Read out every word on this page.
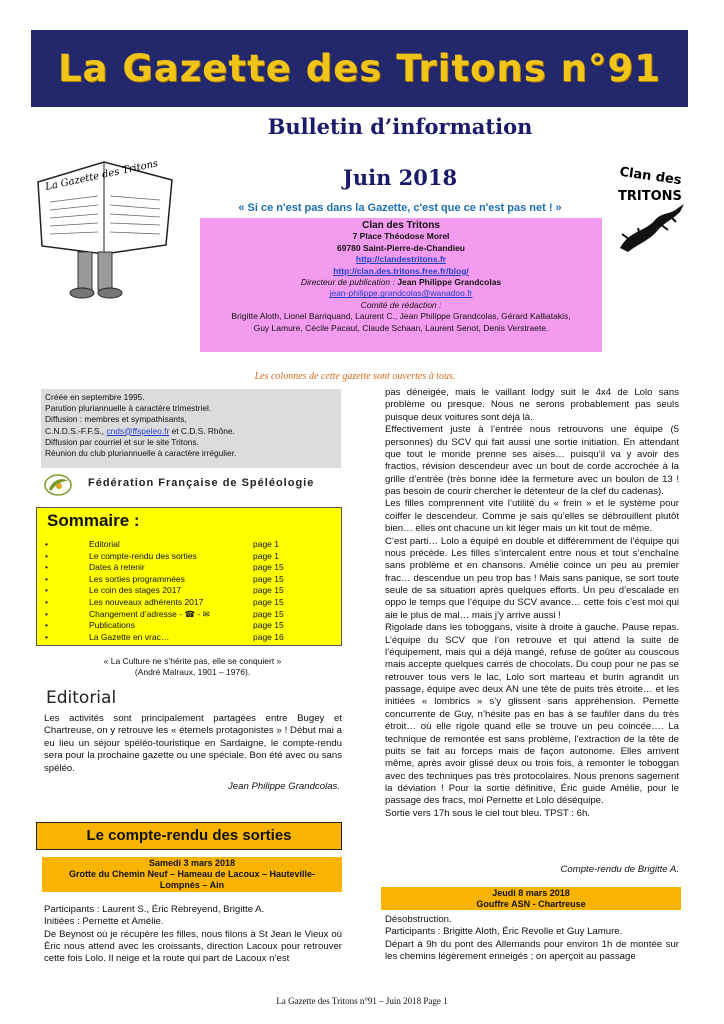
La Gazette des Tritons n°91
Bulletin d’information
Juin 2018
« Si ce n'est pas dans la Gazette, c'est que ce n'est pas net ! »
La Gazette des Tritons	Clan des
TRITONS
Clan des Tritons
7 Place Théodose Morel
69780 Saint-Pierre-de-Chandieu
http://clandestritons.fr
http://clan.des.tritons.free.fr/blog/
Directeur de publication : Jean Philippe Grandcolas
jean-philippe.grandcolas@wanadoo.fr
Comité de rédaction :
Brigitte Aloth, Lionel Barriquand, Laurent C., Jean Philippe Grandcolas, Gérard Kalliatakis,
Guy Lamure, Cécile Pacaut, Claude Schaan, Laurent Senot, Denis Verstraete.
Les colonnes de cette gazette sont ouvertes à tous.
Créée en septembre 1995.
Parution pluriannuelle à caractère trimestriel.
Diffusion : membres et sympathisants,
C.N.D.S.-F.F.S., cnds@ffspeleo.fr et C.D.S. Rhône.
Diffusion par courriel et sur le site Tritons.
Réunion du club pluriannuelle à caractère irrégulier.
Fédération Française de Spéléologie
Sommaire :
•	Editorial	page 1
•	Le compte-rendu des sorties	page 1
•	Dates à retenir	page 15
•	Les sorties programmées	page 15
•	Le coin des stages 2017	page 15
•	Les nouveaux adhérents 2017	page 15
•	Changement d’adresse - ☎ - ✉	page 15
•	Publications	page 15
•	La Gazette en vrac…	page 16
« La Culture ne s’hérite pas, elle se conquiert »
(André Malraux, 1901 – 1976).
Editorial

Les activités sont principalement partagées entre Bugey et Chartreuse, on y retrouve les « éternels protagonistes » ! Début mai a eu lieu un séjour spéléo-touristique en Sardaigne, le compte-rendu sera pour la prochaine gazette ou une spéciale. Bon été avec ou sans spéléo.

Jean Philippe Grandcolas.
Le compte-rendu des sorties
Samedi 3 mars 2018
Grotte du Chemin Neuf – Hameau de Lacoux – Hauteville-
Lompnès – Ain
Participants : Laurent S., Éric Rebreyend, Brigitte A.
Initiées : Pernette et Amélie.

De Beynost où je récupère les filles, nous filons à St Jean le Vieux où Éric nous attend avec les croissants, direction Lacoux pour retrouver cette fois Lolo. Il neige et la route qui part de Lacoux n’est

pas déneigée, mais le vaillant lodgy suit le 4x4 de Lolo sans problème ou presque. Nous ne serons probablement pas seuls puisque deux voitures sont déjà là.
Effectivement juste à l’entrée nous retrouvons une équipe (5 personnes) du SCV qui fait aussi une sortie initiation. En attendant que tout le monde prenne ses aises… puisqu’il va y avoir des fractios, révision descendeur avec un bout de corde accrochée à la grille d’entrée (très bonne idée la fermeture avec un boulon de 13 ! pas besoin de courir chercher le détenteur de la clef du cadenas).
Les filles comprennent vite l’utilité du « frein » et le système pour coiffer le descendeur. Comme je sais qu’elles se débrouillent plutôt bien… elles ont chacune un kit léger mais un kit tout de même.
C’est parti… Lolo a équipé en double et différemment de l’équipe qui nous précède. Les filles s’intercalent entre nous et tout s’enchaîne sans problème et en chansons. Amélie coince un peu au premier frac… descendue un peu trop bas ! Mais sans panique, se sort toute seule de sa situation après quelques efforts. Un peu d’escalade en oppo le temps que l’équipe du SCV avance… cette fois c’est moi qui aie le plus de mal… mais j’y arrive aussi !
Rigolade dans les toboggans, visite à droite à gauche. Pause repas. L’équipe du SCV que l’on retrouve et qui attend la suite de l’équipement, mais qui a déjà mangé, refuse de goûter au couscous mais accepte quelques carrés de chocolats. Du coup pour ne pas se retrouver tous vers le lac, Lolo sort marteau et burin agrandit un passage, équipe avec deux AN une tête de puits très étroite… et les initiées « lombrics » s’y glissent sans appréhension. Pernette concurrente de Guy, n’hésite pas en bas à se faufiler dans du très étroit… où elle rigole quand elle se trouve un peu coincée…. La technique de remontée est sans problème, l’extraction de la tête de puits se fait au forceps mais de façon autonome. Elles arrivent même, après avoir glissé deux ou trois fois, à remonter le toboggan avec des techniques pas très protocolaires. Nous prenons sagement la déviation ! Pour la sortie définitive, Éric guide Amélie, pour le passage des fracs, moi Pernette et Lolo déséquipe.
Sortie vers 17h sous le ciel tout bleu. TPST : 6h.
Compte-rendu de Brigitte A.
Jeudi 8 mars 2018
Gouffre ASN - Chartreuse
Désobstruction.
Participants : Brigitte Aloth, Éric Revolle et Guy Lamure.

Départ à 9h du pont des Allemands pour environ 1h de montée sur les chemins légèrement enneigés ; on aperçoit au passage

La Gazette des Tritons n°91 – Juin 2018 Page 1
